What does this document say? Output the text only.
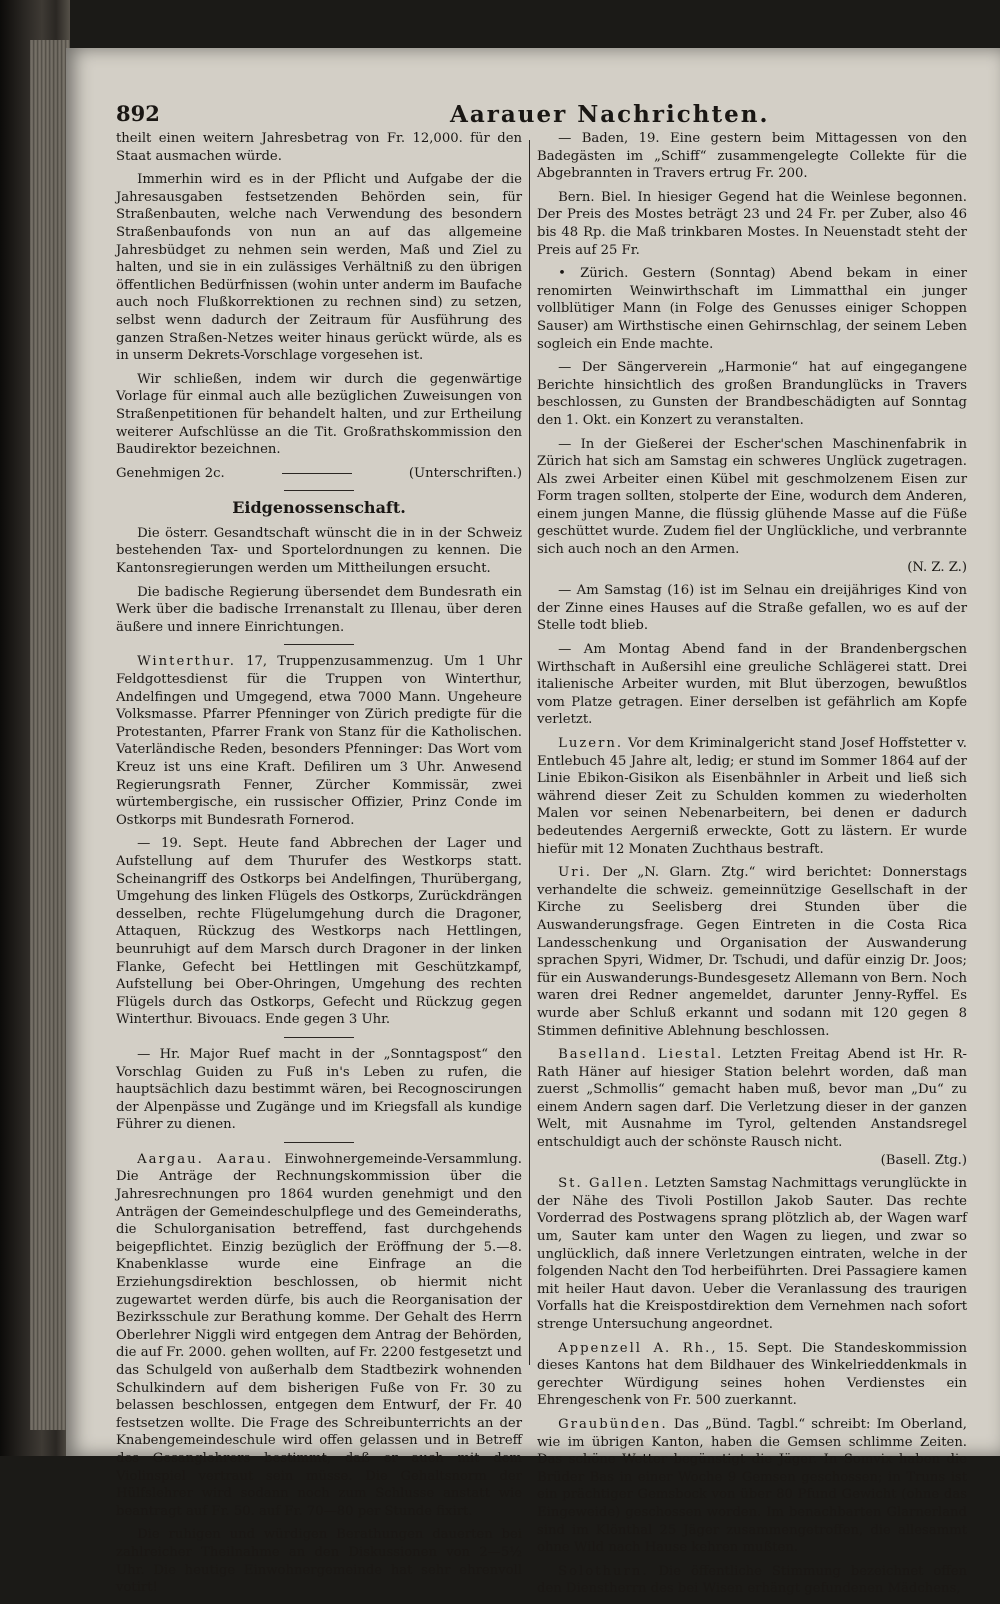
892	Aarauer Nachrichten.

theilt einen weitern Jahresbetrag von Fr. 12,000. für den Staat ausmachen würde.

Immerhin wird es in der Pflicht und Aufgabe der die Jahresausgaben festsetzenden Behörden sein, für Straßenbauten, welche nach Verwendung des besondern Straßenbaufonds von nun an auf das allgemeine Jahresbüdget zu nehmen sein werden, Maß und Ziel zu halten, und sie in ein zulässiges Verhältniß zu den übrigen öffentlichen Bedürfnissen (wohin unter anderm im Baufache auch noch Flußkorrektionen zu rechnen sind) zu setzen, selbst wenn dadurch der Zeitraum für Ausführung des ganzen Straßen-Netzes weiter hinaus gerückt würde, als es in unserm Dekrets-Vorschlage vorgesehen ist.

Wir schließen, indem wir durch die gegenwärtige Vorlage für einmal auch alle bezüglichen Zuweisungen von Straßenpetitionen für behandelt halten, und zur Ertheilung weiterer Aufschlüsse an die Tit. Großrathskommission den Baudirektor bezeichnen.

Genehmigen 2c.	(Unterschriften.)
Eidgenossenschaft.

Die österr. Gesandtschaft wünscht die in in der Schweiz bestehenden Tax- und Sportelordnungen zu kennen. Die Kantonsregierungen werden um Mittheilungen ersucht.

Die badische Regierung übersendet dem Bundesrath ein Werk über die badische Irrenanstalt zu Illenau, über deren äußere und innere Einrichtungen.

Winterthur. 17, Truppenzusammenzug. Um 1 Uhr Feldgottesdienst für die Truppen von Winterthur, Andelfingen und Umgegend, etwa 7000 Mann. Ungeheure Volksmasse. Pfarrer Pfenninger von Zürich predigte für die Protestanten, Pfarrer Frank von Stanz für die Katholischen. Vaterländische Reden, besonders Pfenninger: Das Wort vom Kreuz ist uns eine Kraft. Defiliren um 3 Uhr. Anwesend Regierungsrath Fenner, Zürcher Kommissär, zwei würtembergische, ein russischer Offizier, Prinz Conde im Ostkorps mit Bundesrath Fornerod.

— 19. Sept. Heute fand Abbrechen der Lager und Aufstellung auf dem Thurufer des Westkorps statt. Scheinangriff des Ostkorps bei Andelfingen, Thurübergang, Umgehung des linken Flügels des Ostkorps, Zurückdrängen desselben, rechte Flügelumgehung durch die Dragoner, Attaquen, Rückzug des Westkorps nach Hettlingen, beunruhigt auf dem Marsch durch Dragoner in der linken Flanke, Gefecht bei Hettlingen mit Geschützkampf, Aufstellung bei Ober-Ohringen, Umgehung des rechten Flügels durch das Ostkorps, Gefecht und Rückzug gegen Winterthur. Bivouacs. Ende gegen 3 Uhr.

— Hr. Major Ruef macht in der „Sonntagspost“ den Vorschlag Guiden zu Fuß in's Leben zu rufen, die hauptsächlich dazu bestimmt wären, bei Recognoscirungen der Alpenpässe und Zugänge und im Kriegsfall als kundige Führer zu dienen.

Aargau. Aarau. Einwohnergemeinde-Versammlung. Die Anträge der Rechnungskommission über die Jahresrechnungen pro 1864 wurden genehmigt und den Anträgen der Gemeindeschulpflege und des Gemeinderaths, die Schulorganisation betreffend, fast durchgehends beigepflichtet. Einzig bezüglich der Eröffnung der 5.—8. Knabenklasse wurde eine Einfrage an die Erziehungsdirektion beschlossen, ob hiermit nicht zugewartet werden dürfe, bis auch die Reorganisation der Bezirksschule zur Berathung komme. Der Gehalt des Herrn Oberlehrer Niggli wird entgegen dem Antrag der Behörden, die auf Fr. 2000. gehen wollten, auf Fr. 2200 festgesetzt und das Schulgeld von außerhalb dem Stadtbezirk wohnenden Schulkindern auf dem bisherigen Fuße von Fr. 30 zu belassen beschlossen, entgegen dem Entwurf, der Fr. 40 festsetzen wollte. Die Frage des Schreibunterrichts an der Knabengemeindeschule wird offen gelassen und in Betreff des Gesanglehrers bestimmt, daß er auch mit dem Violinspiel vertraut sein müsse. Die Gehaltsnorm der Hülfslehrer wird sodann noch zum Schlusse anstatt wie beantragt auf Fr. 50. auf Fr. 70—80 per Stunde fixirt.

Die ruhigen und würdigen Berathungen dauerten bei zahlreicher Theilnahme an den Diskussionen von 2—5½ Uhr. Die heutige Einwohnergemeinde hat sehr ehrenvoll votirt!

— Baden, 19. Eine gestern beim Mittagessen von den Badegästen im „Schiff“ zusammengelegte Collekte für die Abgebrannten in Travers ertrug Fr. 200.

Bern. Biel. In hiesiger Gegend hat die Weinlese begonnen. Der Preis des Mostes beträgt 23 und 24 Fr. per Zuber, also 46 bis 48 Rp. die Maß trinkbaren Mostes. In Neuenstadt steht der Preis auf 25 Fr.

• Zürich. Gestern (Sonntag) Abend bekam in einer renomirten Weinwirthschaft im Limmatthal ein junger vollblütiger Mann (in Folge des Genusses einiger Schoppen Sauser) am Wirthstische einen Gehirnschlag, der seinem Leben sogleich ein Ende machte.

— Der Sängerverein „Harmonie“ hat auf eingegangene Berichte hinsichtlich des großen Brandunglücks in Travers beschlossen, zu Gunsten der Brandbeschädigten auf Sonntag den 1. Okt. ein Konzert zu veranstalten.

— In der Gießerei der Escher'schen Maschinenfabrik in Zürich hat sich am Samstag ein schweres Unglück zugetragen. Als zwei Arbeiter einen Kübel mit geschmolzenem Eisen zur Form tragen sollten, stolperte der Eine, wodurch dem Anderen, einem jungen Manne, die flüssig glühende Masse auf die Füße geschüttet wurde. Zudem fiel der Unglückliche, und verbrannte sich auch noch an den Armen.
(N. Z. Z.)

— Am Samstag (16) ist im Selnau ein dreijähriges Kind von der Zinne eines Hauses auf die Straße gefallen, wo es auf der Stelle todt blieb.

— Am Montag Abend fand in der Brandenbergschen Wirthschaft in Außersihl eine greuliche Schlägerei statt. Drei italienische Arbeiter wurden, mit Blut überzogen, bewußtlos vom Platze getragen. Einer derselben ist gefährlich am Kopfe verletzt.

Luzern. Vor dem Kriminalgericht stand Josef Hoffstetter v. Entlebuch 45 Jahre alt, ledig; er stund im Sommer 1864 auf der Linie Ebikon-Gisikon als Eisenbähnler in Arbeit und ließ sich während dieser Zeit zu Schulden kommen zu wiederholten Malen vor seinen Nebenarbeitern, bei denen er dadurch bedeutendes Aergerniß erweckte, Gott zu lästern. Er wurde hiefür mit 12 Monaten Zuchthaus bestraft.

Uri. Der „N. Glarn. Ztg.“ wird berichtet: Donnerstags verhandelte die schweiz. gemeinnützige Gesellschaft in der Kirche zu Seelisberg drei Stunden über die Auswanderungsfrage. Gegen Eintreten in die Costa Rica Landesschenkung und Organisation der Auswanderung sprachen Spyri, Widmer, Dr. Tschudi, und dafür einzig Dr. Joos; für ein Auswanderungs-Bundesgesetz Allemann von Bern. Noch waren drei Redner angemeldet, darunter Jenny-Ryffel. Es wurde aber Schluß erkannt und sodann mit 120 gegen 8 Stimmen definitive Ablehnung beschlossen.

Baselland. Liestal. Letzten Freitag Abend ist Hr. R-Rath Häner auf hiesiger Station belehrt worden, daß man zuerst „Schmollis“ gemacht haben muß, bevor man „Du“ zu einem Andern sagen darf. Die Verletzung dieser in der ganzen Welt, mit Ausnahme im Tyrol, geltenden Anstandsregel entschuldigt auch der schönste Rausch nicht.
(Basell. Ztg.)

St. Gallen. Letzten Samstag Nachmittags verunglückte in der Nähe des Tivoli Postillon Jakob Sauter. Das rechte Vorderrad des Postwagens sprang plötzlich ab, der Wagen warf um, Sauter kam unter den Wagen zu liegen, und zwar so unglücklich, daß innere Verletzungen eintraten, welche in der folgenden Nacht den Tod herbeiführten. Drei Passagiere kamen mit heiler Haut davon. Ueber die Veranlassung des traurigen Vorfalls hat die Kreispostdirektion dem Vernehmen nach sofort strenge Untersuchung angeordnet.

Appenzell A. Rh., 15. Sept. Die Standeskommission dieses Kantons hat dem Bildhauer des Winkelrieddenkmals in gerechter Würdigung seines hohen Verdienstes ein Ehrengeschenk von Fr. 500 zuerkannt.

Graubünden. Das „Bünd. Tagbl.“ schreibt: Im Oberland, wie im übrigen Kanton, haben die Gemsen schlimme Zeiten. Das schöne Wetter begünstigt die Jäger. In Somvix haben die Brüder Bas in einer Woche 9 Gemsen geschossen; in Truns ist ein prächtiger Gemsbock von über 80 Pfund Gewicht (ohne das Eingeweide) geschossen worden. Im benachbarten Glarnerland sind im Klönthal 25 Jäger zusammengetroffen, die allesammt ohne Wild nach Hause kehren mußten.

Solothurn. Die öffentliche Stimmung bezeichnet offen den Dienstherrn des bei Wisen erhängt gefundenen Mädchens,
